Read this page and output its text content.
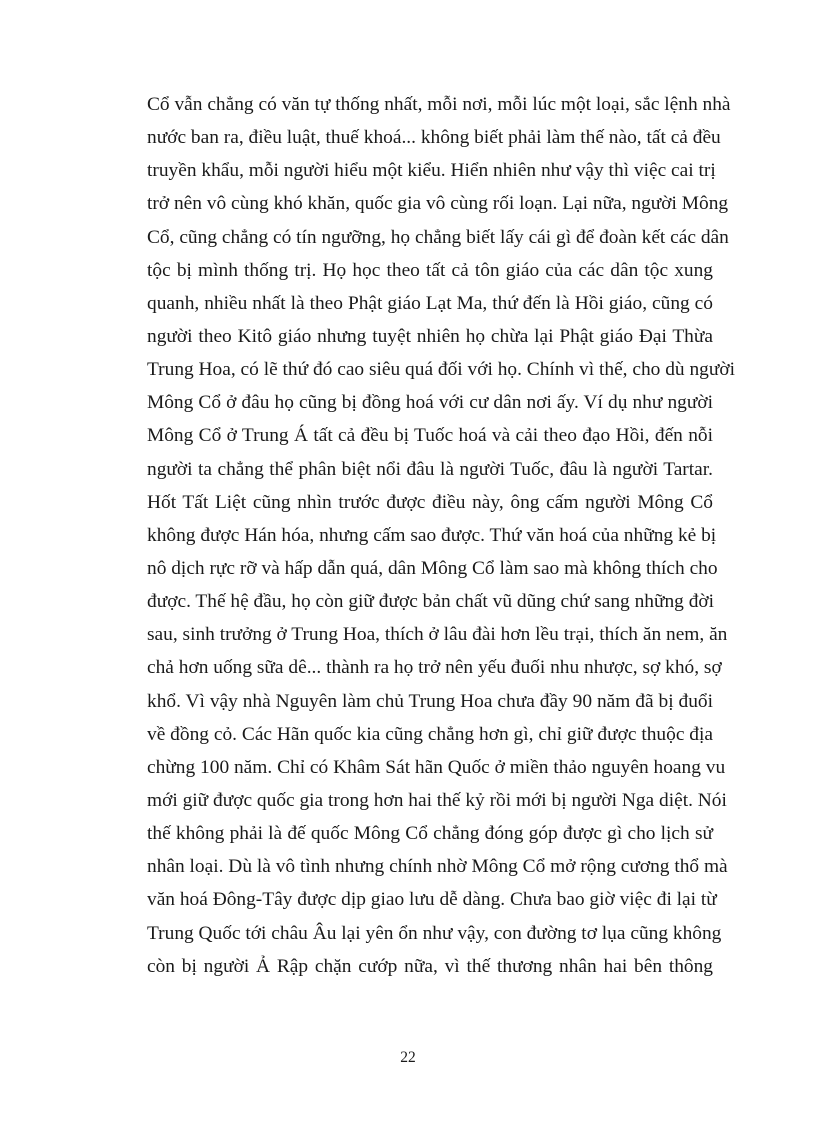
Cổ vẫn chẳng có văn tự thống nhất, mỗi nơi, mỗi lúc một loại, sắc lệnh nhà
nước ban ra, điều luật, thuế khoá... không biết phải làm thế nào, tất cả đều
truyền khẩu, mỗi người hiểu một kiểu. Hiển nhiên như vậy thì việc cai trị
trở nên vô cùng khó khăn, quốc gia vô cùng rối loạn. Lại nữa, người Mông
Cổ, cũng chẳng có tín ngưỡng, họ chẳng biết lấy cái gì để đoàn kết các dân
tộc bị mình thống trị. Họ học theo tất cả tôn giáo của các dân tộc xung
quanh, nhiều nhất là theo Phật giáo Lạt Ma, thứ đến là Hồi giáo, cũng có
người theo Kitô giáo nhưng tuyệt nhiên họ chừa lại Phật giáo Đại Thừa
Trung Hoa, có lẽ thứ đó cao siêu quá đối với họ. Chính vì thế, cho dù người
Mông Cổ ở đâu họ cũng bị đồng hoá với cư dân nơi ấy. Ví dụ như người
Mông Cổ ở Trung Á tất cả đều bị Tuốc hoá và cải theo đạo Hồi, đến nỗi
người ta chẳng thể phân biệt nổi đâu là người Tuốc, đâu là người Tartar.
Hốt Tất Liệt cũng nhìn trước được điều này, ông cấm người Mông Cổ
không được Hán hóa, nhưng cấm sao được. Thứ văn hoá của những kẻ bị
nô dịch rực rỡ và hấp dẫn quá, dân Mông Cổ làm sao mà không thích cho
được. Thế hệ đầu, họ còn giữ được bản chất vũ dũng chứ sang những đời
sau, sinh trưởng ở Trung Hoa, thích ở lâu đài hơn lều trại, thích ăn nem, ăn
chả hơn uống sữa dê... thành ra họ trở nên yếu đuối nhu nhược, sợ khó, sợ
khổ. Vì vậy nhà Nguyên làm chủ Trung Hoa chưa đầy 90 năm đã bị đuổi
về đồng cỏ. Các Hãn quốc kia cũng chẳng hơn gì, chỉ giữ được thuộc địa
chừng 100 năm. Chỉ có Khâm Sát hãn Quốc ở miền thảo nguyên hoang vu
mới giữ được quốc gia trong hơn hai thế kỷ rồi mới bị người Nga diệt. Nói
thế không phải là đế quốc Mông Cổ chẳng đóng góp được gì cho lịch sử
nhân loại. Dù là vô tình nhưng chính nhờ Mông Cổ mở rộng cương thổ mà
văn hoá Đông-Tây được dịp giao lưu dễ dàng. Chưa bao giờ việc đi lại từ
Trung Quốc tới châu Âu lại yên ổn như vậy, con đường tơ lụa cũng không
còn bị người Ả Rập chặn cướp nữa, vì thế thương nhân hai bên thông
22
